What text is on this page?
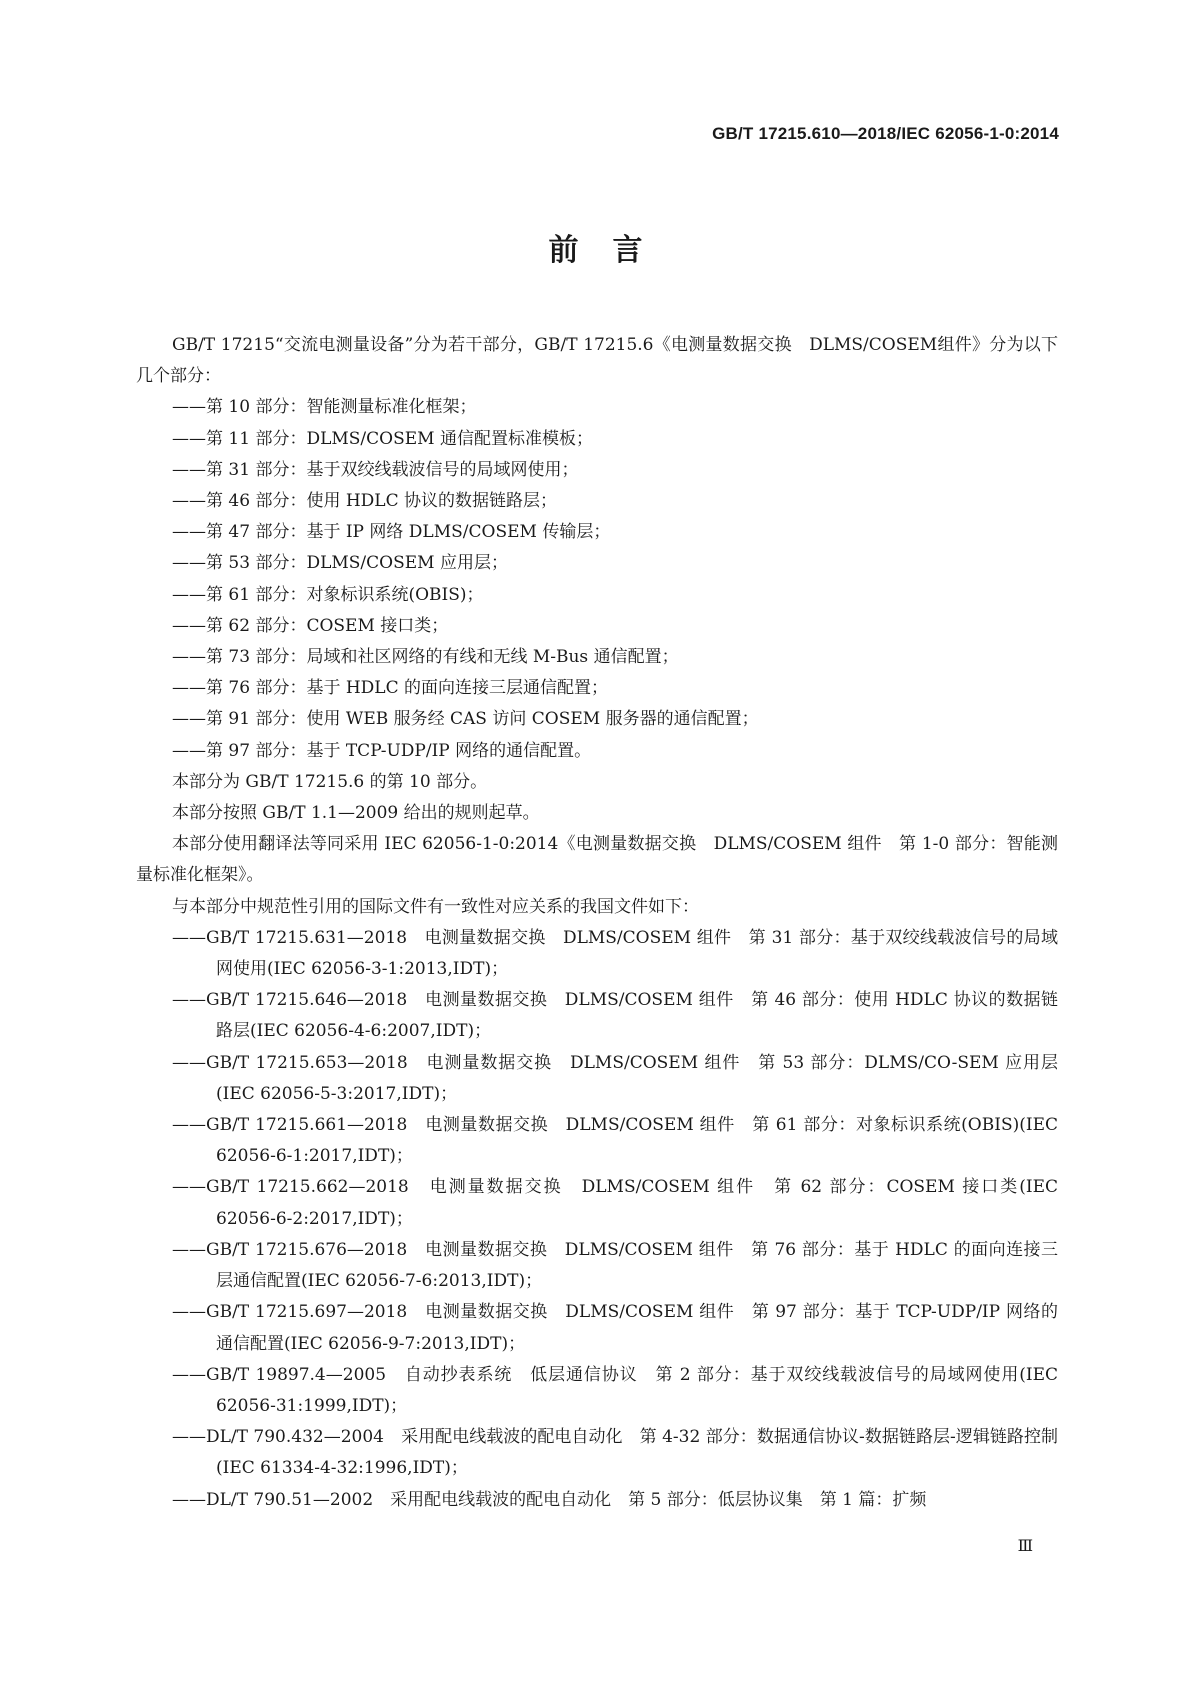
GB/T 17215.610—2018/IEC 62056-1-0:2014
前言

GB/T 17215“交流电测量设备”分为若干部分，GB/T 17215.6《电测量数据交换　DLMS/COSEM组件》分为以下几个部分：

——第 10 部分：智能测量标准化框架；

——第 11 部分：DLMS/COSEM 通信配置标准模板；

——第 31 部分：基于双绞线载波信号的局域网使用；

——第 46 部分：使用 HDLC 协议的数据链路层；

——第 47 部分：基于 IP 网络 DLMS/COSEM 传输层；

——第 53 部分：DLMS/COSEM 应用层；

——第 61 部分：对象标识系统(OBIS)；

——第 62 部分：COSEM 接口类；

——第 73 部分：局域和社区网络的有线和无线 M-Bus 通信配置；

——第 76 部分：基于 HDLC 的面向连接三层通信配置；

——第 91 部分：使用 WEB 服务经 CAS 访问 COSEM 服务器的通信配置；

——第 97 部分：基于 TCP-UDP/IP 网络的通信配置。

本部分为 GB/T 17215.6 的第 10 部分。

本部分按照 GB/T 1.1—2009 给出的规则起草。

本部分使用翻译法等同采用 IEC 62056-1-0:2014《电测量数据交换　DLMS/COSEM 组件　第 1-0 部分：智能测量标准化框架》。

与本部分中规范性引用的国际文件有一致性对应关系的我国文件如下：

——GB/T 17215.631—2018　电测量数据交换　DLMS/COSEM 组件　第 31 部分：基于双绞线载波信号的局域网使用(IEC 62056-3-1:2013,IDT)；

——GB/T 17215.646—2018　电测量数据交换　DLMS/COSEM 组件　第 46 部分：使用 HDLC 协议的数据链路层(IEC 62056-4-6:2007,IDT)；

——GB/T 17215.653—2018　电测量数据交换　DLMS/COSEM 组件　第 53 部分：DLMS/CO-SEM 应用层(IEC 62056-5-3:2017,IDT)；

——GB/T 17215.661—2018　电测量数据交换　DLMS/COSEM 组件　第 61 部分：对象标识系统(OBIS)(IEC 62056-6-1:2017,IDT)；

——GB/T 17215.662—2018　电测量数据交换　DLMS/COSEM 组件　第 62 部分：COSEM 接口类(IEC 62056-6-2:2017,IDT)；

——GB/T 17215.676—2018　电测量数据交换　DLMS/COSEM 组件　第 76 部分：基于 HDLC 的面向连接三层通信配置(IEC 62056-7-6:2013,IDT)；

——GB/T 17215.697—2018　电测量数据交换　DLMS/COSEM 组件　第 97 部分：基于 TCP-UDP/IP 网络的通信配置(IEC 62056-9-7:2013,IDT)；

——GB/T 19897.4—2005　自动抄表系统　低层通信协议　第 2 部分：基于双绞线载波信号的局域网使用(IEC 62056-31:1999,IDT)；

——DL/T 790.432—2004　采用配电线载波的配电自动化　第 4-32 部分：数据通信协议-数据链路层-逻辑链路控制(IEC 61334-4-32:1996,IDT)；

——DL/T 790.51—2002　采用配电线载波的配电自动化　第 5 部分：低层协议集　第 1 篇：扩频

Ⅲ
